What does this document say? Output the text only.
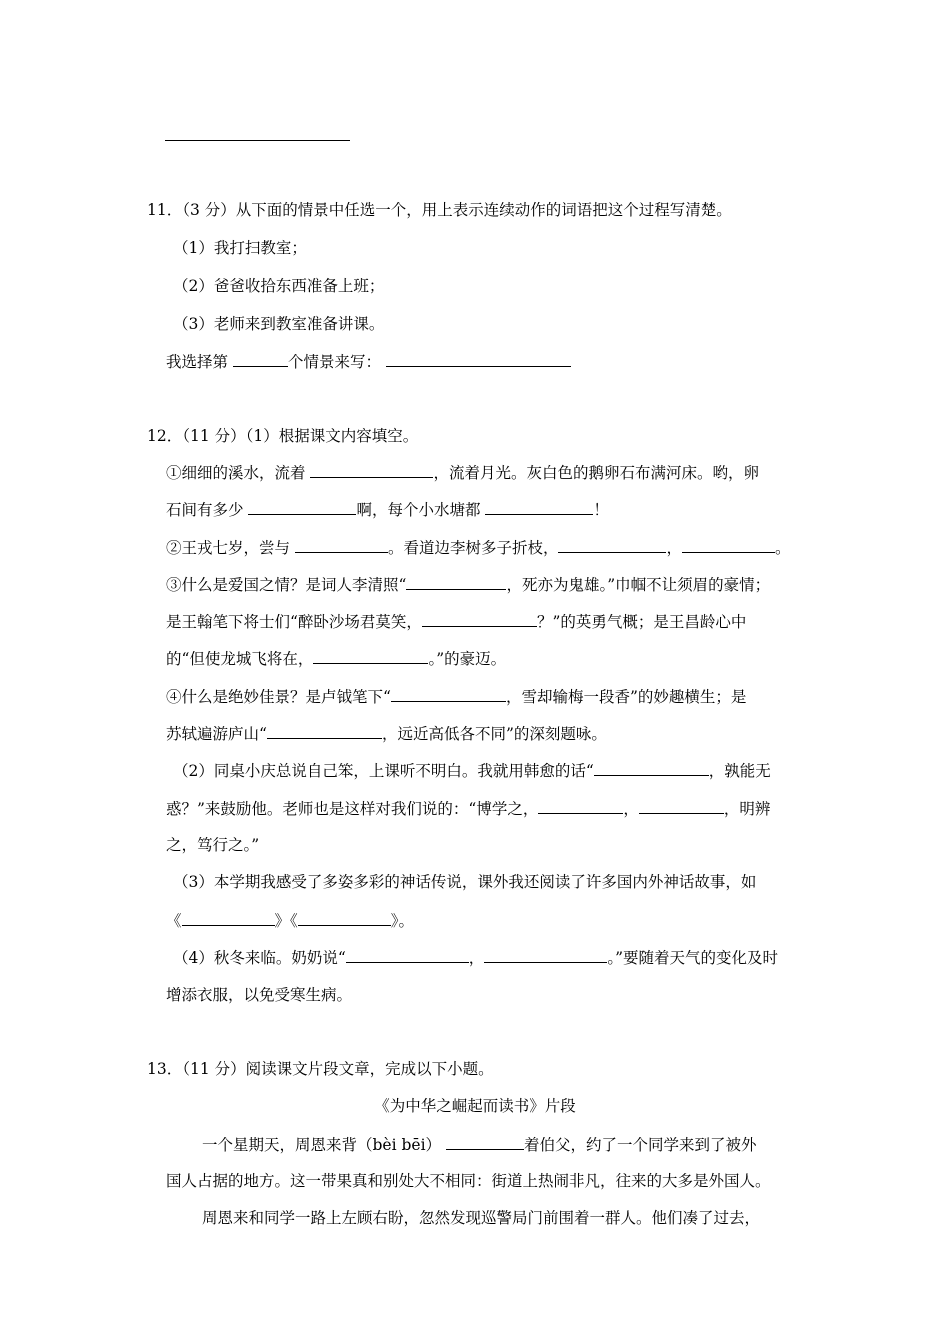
11．（3 分）从下面的情景中任选一个，用上表示连续动作的词语把这个过程写清楚。
（1）我打扫教室；
（2）爸爸收拾东西准备上班；
（3）老师来到教室准备讲课。
我选择第	个情景来写：
12．（11 分）（1）根据课文内容填空。
①细细的溪水，流着	，流着月光。灰白色的鹅卵石布满河床。哟，卵
石间有多少	啊，每个小水塘都	！
②王戎七岁，尝与	。看道边李树多子折枝，	，	。
③什么是爱国之情？是词人李清照“	，死亦为鬼雄。”巾帼不让须眉的豪情；
是王翰笔下将士们“醉卧沙场君莫笑，	？”的英勇气概；是王昌龄心中
的“但使龙城飞将在，	。”的豪迈。
④什么是绝妙佳景？是卢钺笔下“	，雪却输梅一段香”的妙趣横生；是
苏轼遍游庐山“	，远近高低各不同”的深刻题咏。
（2）同桌小庆总说自己笨，上课听不明白。我就用韩愈的话“	，孰能无
惑？”来鼓励他。老师也是这样对我们说的：“博学之，	，	，明辨
之，笃行之。”
（3）本学期我感受了多姿多彩的神话传说，课外我还阅读了许多国内外神话故事，如
《	》《	》。
（4）秋冬来临。奶奶说“	，	。”要随着天气的变化及时
增添衣服，以免受寒生病。
13．（11 分）阅读课文片段文章，完成以下小题。
《为中华之崛起而读书》片段
一个星期天，周恩来背（bèi bēi）	着伯父，约了一个同学来到了被外
国人占据的地方。这一带果真和别处大不相同：街道上热闹非凡，往来的大多是外国人。
周恩来和同学一路上左顾右盼，忽然发现巡警局门前围着一群人。他们凑了过去，
